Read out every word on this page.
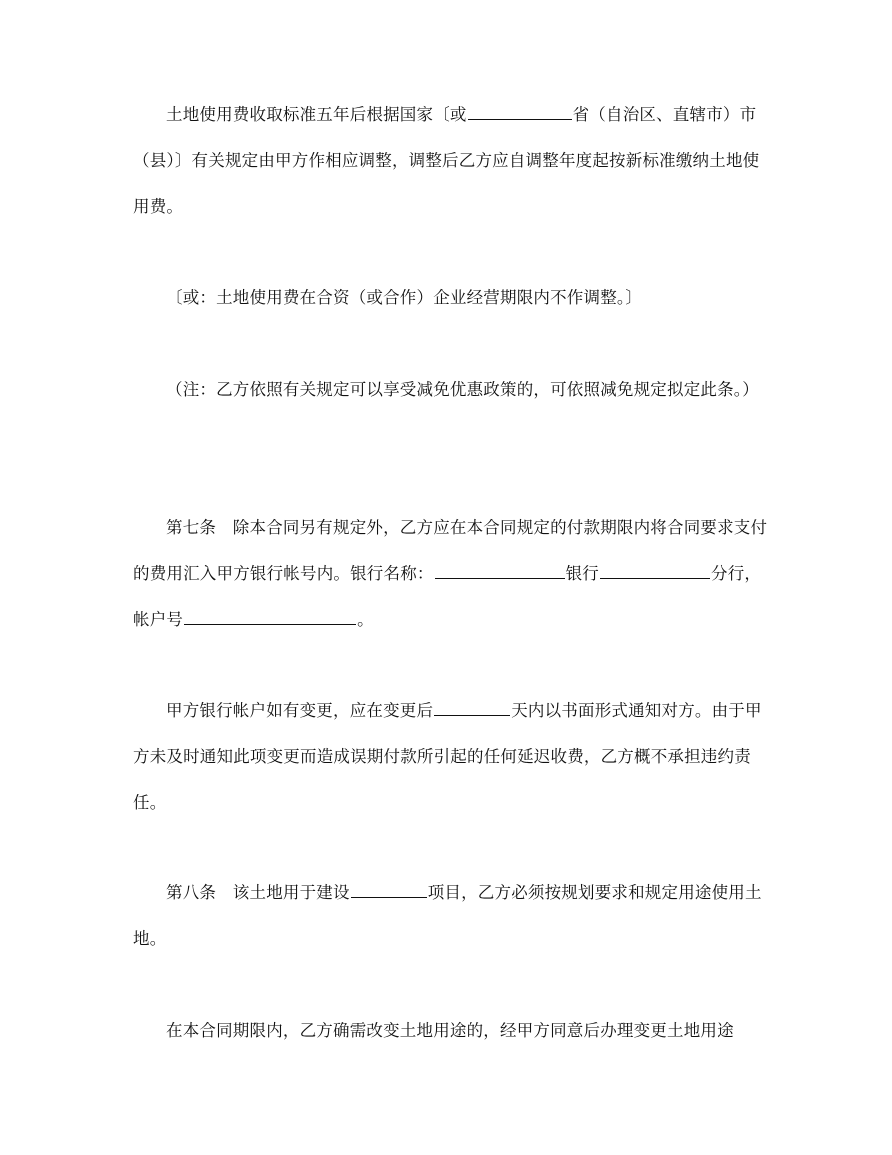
土地使用费收取标准五年后根据国家〔或	省（自治区、直辖市）市（县）〕有关规定由甲方作相应调整，调整后乙方应自调整年度起按新标准缴纳土地使用费。

〔或：土地使用费在合资（或合作）企业经营期限内不作调整。〕

（注：乙方依照有关规定可以享受减免优惠政策的，可依照减免规定拟定此条。）

第七条　除本合同另有规定外，乙方应在本合同规定的付款期限内将合同要求支付的费用汇入甲方银行帐号内。银行名称：	银行	分行，帐户号	。

甲方银行帐户如有变更，应在变更后	天内以书面形式通知对方。由于甲方未及时通知此项变更而造成误期付款所引起的任何延迟收费，乙方概不承担违约责任。

第八条　该土地用于建设	项目，乙方必须按规划要求和规定用途使用土地。

在本合同期限内，乙方确需改变土地用途的，经甲方同意后办理变更土地用途
